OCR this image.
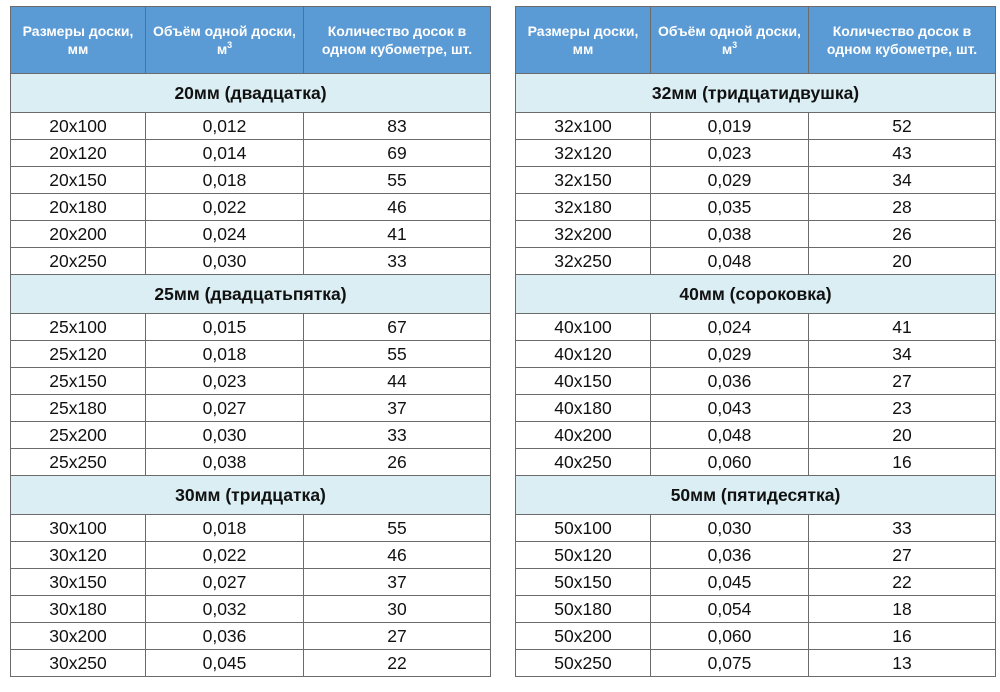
Размеры доски, мм	Объём одной доски, $м^3$	Количество досок в одном кубометре, шт.
20мм (двадцатка)		
20х100	0,012	83
20х120	0,014	69
20х150	0,018	55
20х180	0,022	46
20х200	0,024	41
20х250	0,030	33
25мм (двадцатьпятка)		
25х100	0,015	67
25х120	0,018	55
25х150	0,023	44
25х180	0,027	37
25х200	0,030	33
25х250	0,038	26
30мм (тридцатка)		
30х100	0,018	55
30х120	0,022	46
30х150	0,027	37
30х180	0,032	30
30х200	0,036	27
30х250	0,045	22
Размеры доски, мм	Объём одной доски, $м^3$	Количество досок в одном кубометре, шт.
32мм (тридцатидвушка)		
32х100	0,019	52
32х120	0,023	43
32х150	0,029	34
32х180	0,035	28
32х200	0,038	26
32х250	0,048	20
40мм (сороковка)		
40х100	0,024	41
40х120	0,029	34
40х150	0,036	27
40х180	0,043	23
40х200	0,048	20
40х250	0,060	16
50мм (пятидесятка)		
50х100	0,030	33
50х120	0,036	27
50х150	0,045	22
50х180	0,054	18
50х200	0,060	16
50х250	0,075	13
